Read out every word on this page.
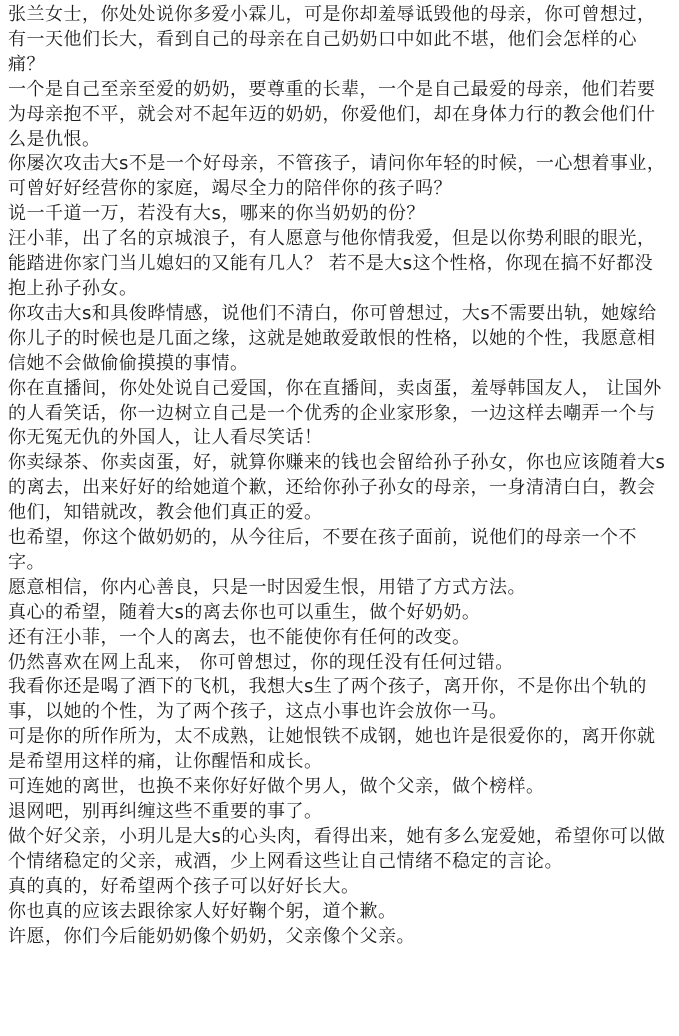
张兰女士，你处处说你多爱小霖儿，可是你却羞辱诋毁他的母亲，你可曾想过，有一天他们长大，看到自己的母亲在自己奶奶口中如此不堪，他们会怎样的心痛？

一个是自己至亲至爱的奶奶，要尊重的长辈，一个是自己最爱的母亲，他们若要为母亲抱不平，就会对不起年迈的奶奶，你爱他们，却在身体力行的教会他们什么是仇恨。

你屡次攻击大s不是一个好母亲，不管孩子，请问你年轻的时候，一心想着事业，可曾好好经营你的家庭，竭尽全力的陪伴你的孩子吗？

说一千道一万，若没有大s，哪来的你当奶奶的份？

汪小菲，出了名的京城浪子，有人愿意与他你情我爱，但是以你势利眼的眼光，能踏进你家门当儿媳妇的又能有几人？ 若不是大s这个性格，你现在搞不好都没抱上孙子孙女。

你攻击大s和具俊晔情感，说他们不清白，你可曾想过，大s不需要出轨，她嫁给你儿子的时候也是几面之缘，这就是她敢爱敢恨的性格，以她的个性，我愿意相信她不会做偷偷摸摸的事情。

你在直播间，你处处说自己爱国，你在直播间，卖卤蛋，羞辱韩国友人， 让国外的人看笑话，你一边树立自己是一个优秀的企业家形象，一边这样去嘲弄一个与你无冤无仇的外国人，让人看尽笑话！

你卖绿茶、你卖卤蛋，好，就算你赚来的钱也会留给孙子孙女，你也应该随着大s的离去，出来好好的给她道个歉，还给你孙子孙女的母亲，一身清清白白，教会他们，知错就改，教会他们真正的爱。

也希望，你这个做奶奶的，从今往后，不要在孩子面前，说他们的母亲一个不字。

愿意相信，你内心善良，只是一时因爱生恨，用错了方式方法。

真心的希望，随着大s的离去你也可以重生，做个好奶奶。

还有汪小菲，一个人的离去，也不能使你有任何的改变。

仍然喜欢在网上乱来， 你可曾想过，你的现任没有任何过错。

我看你还是喝了酒下的飞机，我想大s生了两个孩子，离开你，不是你出个轨的事，以她的个性，为了两个孩子，这点小事也许会放你一马。

可是你的所作所为，太不成熟，让她恨铁不成钢，她也许是很爱你的，离开你就是希望用这样的痛，让你醒悟和成长。

可连她的离世，也换不来你好好做个男人，做个父亲，做个榜样。

退网吧，别再纠缠这些不重要的事了。

做个好父亲，小玥儿是大s的心头肉，看得出来，她有多么宠爱她，希望你可以做个情绪稳定的父亲，戒酒，少上网看这些让自己情绪不稳定的言论。

真的真的，好希望两个孩子可以好好长大。

你也真的应该去跟徐家人好好鞠个躬，道个歉。

许愿，你们今后能奶奶像个奶奶，父亲像个父亲。
